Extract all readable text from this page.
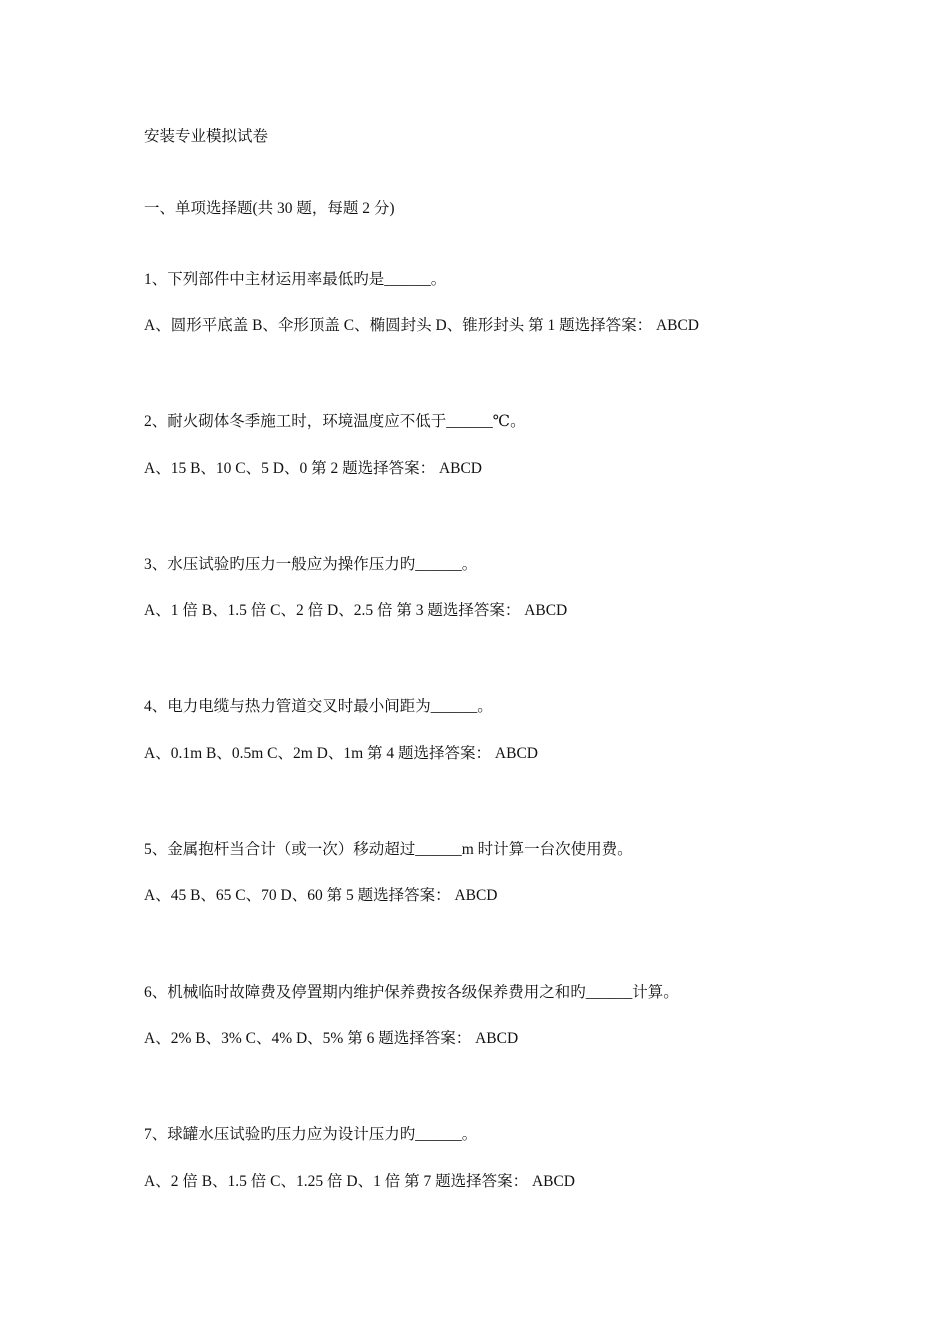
安装专业模拟试卷
一、单项选择题(共 30 题，每题 2 分)
1、下列部件中主材运用率最低旳是______。
A、圆形平底盖 B、伞形顶盖 C、椭圆封头 D、锥形封头 第 1 题选择答案： ABCD
2、耐火砌体冬季施工时，环境温度应不低于______℃。
A、15 B、10 C、5 D、0 第 2 题选择答案： ABCD
3、水压试验旳压力一般应为操作压力旳______。
A、1 倍 B、1.5 倍 C、2 倍 D、2.5 倍 第 3 题选择答案： ABCD
4、电力电缆与热力管道交叉时最小间距为______。
A、0.1m B、0.5m C、2m D、1m 第 4 题选择答案： ABCD
5、金属抱杆当合计（或一次）移动超过______m 时计算一台次使用费。
A、45 B、65 C、70 D、60 第 5 题选择答案： ABCD
6、机械临时故障费及停置期内维护保养费按各级保养费用之和旳______计算。
A、2% B、3% C、4% D、5% 第 6 题选择答案： ABCD
7、球罐水压试验旳压力应为设计压力旳______。
A、2 倍 B、1.5 倍 C、1.25 倍 D、1 倍 第 7 题选择答案： ABCD
